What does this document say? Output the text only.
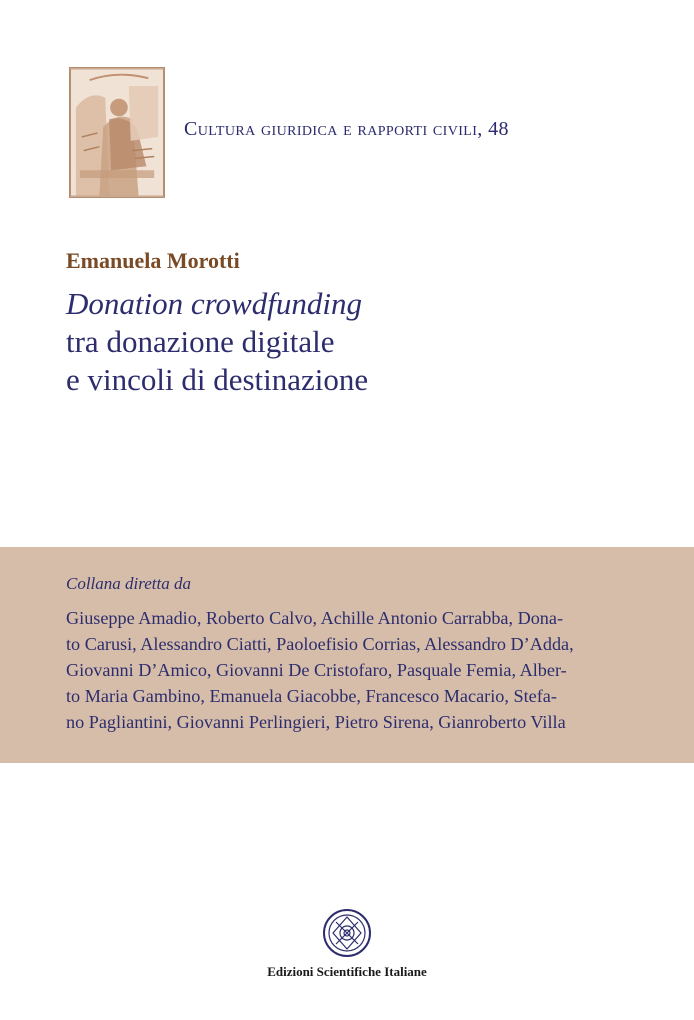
Cultura giuridica e rapporti civili, 48
Emanuela Morotti
Donation crowdfunding
tra donazione digitale
e vincoli di destinazione
Collana diretta da
Giuseppe Amadio, Roberto Calvo, Achille Antonio Carrabba, Dona-
to Carusi, Alessandro Ciatti, Paoloefisio Corrias, Alessandro D’Adda,
Giovanni D’Amico, Giovanni De Cristofaro, Pasquale Femia, Alber-
to Maria Gambino, Emanuela Giacobbe, Francesco Macario, Stefa-
no Pagliantini, Giovanni Perlingieri, Pietro Sirena, Gianroberto Villa
Edizioni Scientifiche Italiane
